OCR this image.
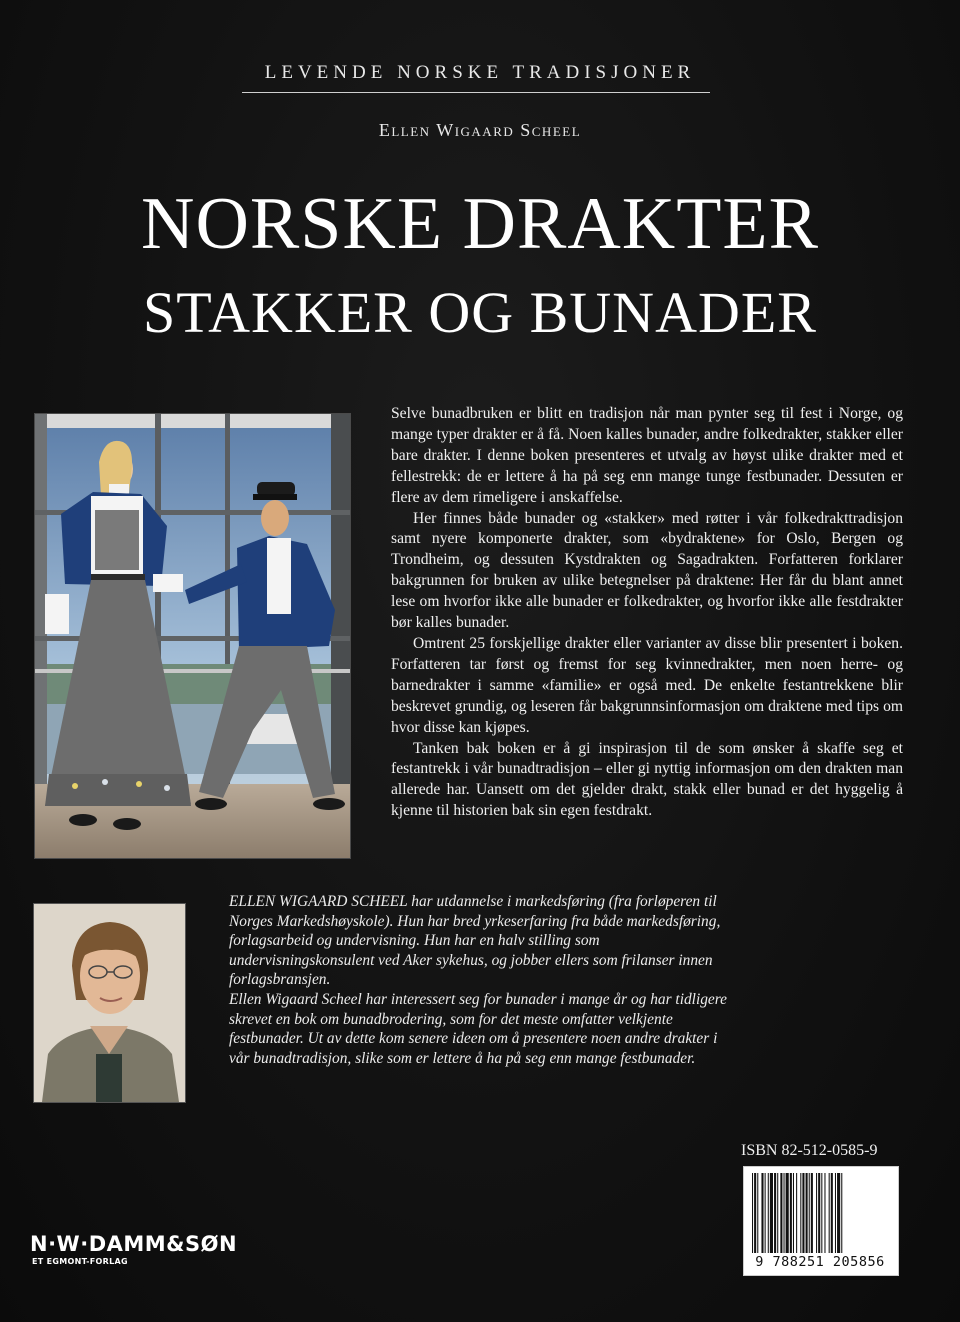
LEVENDE NORSKE TRADISJONER
Ellen Wigaard Scheel
NORSKE DRAKTER
STAKKER OG BUNADER

Selve bunadbruken er blitt en tradisjon når man pynter seg til fest i Norge, og mange typer drakter er å få. Noen kalles bunader, andre folkedrakter, stakker eller bare drakter. I denne boken presenteres et utvalg av høyst ulike drakter med et fellestrekk: de er lettere å ha på seg enn mange tunge festbunader. Dessuten er flere av dem rimeligere i anskaffelse.

Her finnes både bunader og «stakker» med røtter i vår folkedrakttradisjon samt nyere komponerte drakter, som «bydraktene» for Oslo, Bergen og Trondheim, og dessuten Kystdrakten og Sagadrakten. Forfatteren forklarer bakgrunnen for bruken av ulike betegnelser på draktene: Her får du blant annet lese om hvorfor ikke alle bunader er folkedrakter, og hvorfor ikke alle festdrakter bør kalles bunader.

Omtrent 25 forskjellige drakter eller varianter av disse blir presentert i boken. Forfatteren tar først og fremst for seg kvinnedrakter, men noen herre- og barnedrakter i samme «familie» er også med. De enkelte festantrekkene blir beskrevet grundig, og leseren får bakgrunnsinformasjon om draktene med tips om hvor disse kan kjøpes.

Tanken bak boken er å gi inspirasjon til de som ønsker å skaffe seg et festantrekk i vår bunadtradisjon – eller gi nyttig informasjon om den drakten man allerede har. Uansett om det gjelder drakt, stakk eller bunad er det hyggelig å kjenne til historien bak sin egen festdrakt.

ELLEN WIGAARD SCHEEL har utdannelse i markedsføring (fra forløperen til Norges Markedshøyskole). Hun har bred yrkeserfaring fra både markedsføring, forlagsarbeid og undervisning. Hun har en halv stilling som undervisningskonsulent ved Aker sykehus, og jobber ellers som frilanser innen forlagsbransjen.

Ellen Wigaard Scheel har interessert seg for bunader i mange år og har tidligere skrevet en bok om bunadbrodering, som for det meste omfatter velkjente festbunader. Ut av dette kom senere ideen om å presentere noen andre drakter i vår bunadtradisjon, slike som er lettere å ha på seg enn mange festbunader.

ISBN 82-512-0585-9
9 788251 205856
N·W·DAMM&SØN
ET EGMONT-FORLAG
